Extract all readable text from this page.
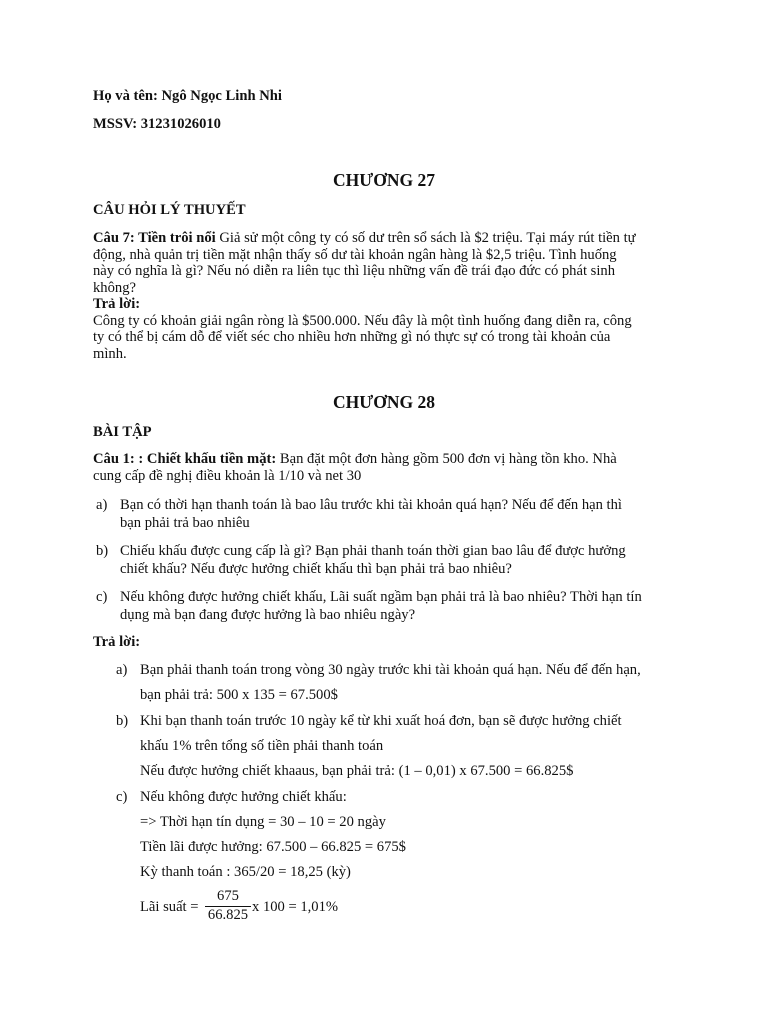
Họ và tên: Ngô Ngọc Linh Nhi
MSSV: 31231026010
CHƯƠNG 27
CÂU HỎI LÝ THUYẾT
Câu 7: Tiền trôi nổi Giả sử một công ty có số dư trên sổ sách là $2 triệu. Tại máy rút tiền tự
động, nhà quản trị tiền mặt nhận thấy số dư tài khoản ngân hàng là $2,5 triệu. Tình huống
này có nghĩa là gì? Nếu nó diễn ra liên tục thì liệu những vấn đề trái đạo đức có phát sinh
không?
Trả lời:
Công ty có khoản giải ngân ròng là $500.000. Nếu đây là một tình huống đang diễn ra, công
ty có thể bị cám dỗ để viết séc cho nhiều hơn những gì nó thực sự có trong tài khoản của
mình.
CHƯƠNG 28
BÀI TẬP
Câu 1: : Chiết khấu tiền mặt: Bạn đặt một đơn hàng gồm 500 đơn vị hàng tồn kho. Nhà
cung cấp đề nghị điều khoản là 1/10 và net 30
a) Bạn có thời hạn thanh toán là bao lâu trước khi tài khoản quá hạn? Nếu để đến hạn thì
bạn phải trả bao nhiêu
b) Chiếu khấu được cung cấp là gì? Bạn phải thanh toán thời gian bao lâu để được hưởng
chiết khấu? Nếu được hưởng chiết khấu thì bạn phải trả bao nhiêu?
c) Nếu không được hưởng chiết khấu, Lãi suất ngầm bạn phải trả là bao nhiêu? Thời hạn tín
dụng mà bạn đang được hưởng là bao nhiêu ngày?
Trả lời:
a) Bạn phải thanh toán trong vòng 30 ngày trước khi tài khoản quá hạn. Nếu để đến hạn,
bạn phải trả: 500 x 135 = 67.500$
b) Khi bạn thanh toán trước 10 ngày kể từ khi xuất hoá đơn, bạn sẽ được hưởng chiết
khấu 1% trên tổng số tiền phải thanh toán
Nếu được hưởng chiết khaaus, bạn phải trả: (1 – 0,01) x 67.500 = 66.825$
c) Nếu không được hưởng chiết khấu:
=> Thời hạn tín dụng = 30 – 10 = 20 ngày
Tiền lãi được hưởng: 67.500 – 66.825 = 675$
Kỳ thanh toán : 365/20 = 18,25 (kỳ)
Lãi suất =
675
66.825 x 100 = 1,01%
